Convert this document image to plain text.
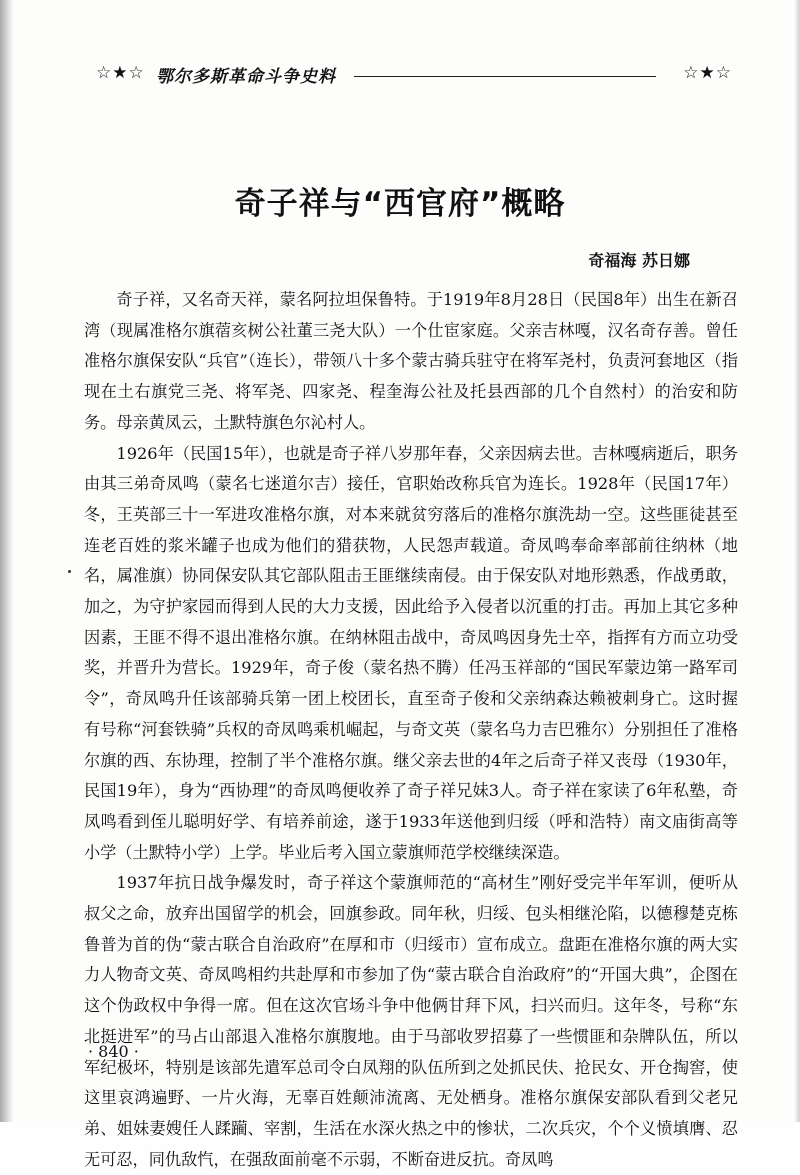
☆★☆ 鄂尔多斯革命斗争史料	☆★☆
奇子祥与“西官府”概略
奇福海 苏日娜

奇子祥，又名奇天祥，蒙名阿拉坦保鲁特。于1919年8月28日（民国8年）出生在新召湾（现属准格尔旗蓿亥树公社董三尧大队）一个仕宦家庭。父亲吉林嘎，汉名奇存善。曾任准格尔旗保安队“兵官”（连长），带领八十多个蒙古骑兵驻守在将军尧村，负责河套地区（指现在土右旗党三尧、将军尧、四家尧、程奎海公社及托县西部的几个自然村）的治安和防务。母亲黄凤云，土默特旗色尔沁村人。

1926年（民国15年），也就是奇子祥八岁那年春，父亲因病去世。吉林嘎病逝后，职务由其三弟奇凤鸣（蒙名七迷道尔吉）接任，官职始改称兵官为连长。1928年（民国17年）冬，王英部三十一军进攻准格尔旗，对本来就贫穷落后的准格尔旗洗劫一空。这些匪徒甚至连老百姓的浆米罐子也成为他们的猎获物，人民怨声载道。奇凤鸣奉命率部前往纳林（地名，属准旗）协同保安队其它部队阻击王匪继续南侵。由于保安队对地形熟悉，作战勇敢，加之，为守护家园而得到人民的大力支援，因此给予入侵者以沉重的打击。再加上其它多种因素，王匪不得不退出准格尔旗。在纳林阻击战中，奇凤鸣因身先士卒，指挥有方而立功受奖，并晋升为营长。1929年，奇子俊（蒙名热不腾）任冯玉祥部的“国民军蒙边第一路军司令”，奇凤鸣升任该部骑兵第一团上校团长，直至奇子俊和父亲纳森达赖被刺身亡。这时握有号称“河套铁骑”兵权的奇凤鸣乘机崛起，与奇文英（蒙名乌力吉巴雅尔）分别担任了准格尔旗的西、东协理，控制了半个准格尔旗。继父亲去世的4年之后奇子祥又丧母（1930年，民国19年），身为“西协理”的奇凤鸣便收养了奇子祥兄妹3人。奇子祥在家读了6年私塾，奇凤鸣看到侄儿聪明好学、有培养前途，遂于1933年送他到归绥（呼和浩特）南文庙街高等小学（土默特小学）上学。毕业后考入国立蒙旗师范学校继续深造。

1937年抗日战争爆发时，奇子祥这个蒙旗师范的“高材生”刚好受完半年军训，便听从叔父之命，放弃出国留学的机会，回旗参政。同年秋，归绥、包头相继沦陷，以德穆楚克栋鲁普为首的伪“蒙古联合自治政府”在厚和市（归绥市）宣布成立。盘距在准格尔旗的两大实力人物奇文英、奇凤鸣相约共赴厚和市参加了伪“蒙古联合自治政府”的“开国大典”，企图在这个伪政权中争得一席。但在这次官场斗争中他俩甘拜下风，扫兴而归。这年冬，号称“东北挺进军”的马占山部退入准格尔旗腹地。由于马部收罗招募了一些惯匪和杂牌队伍，所以军纪极坏，特别是该部先遣军总司令白凤翔的队伍所到之处抓民伕、抢民女、开仓掏窖，使这里哀鸿遍野、一片火海，无辜百姓颠沛流离、无处栖身。准格尔旗保安部队看到父老兄弟、姐妹妻嫂任人蹂躏、宰割，生活在水深火热之中的惨状，二次兵灾，个个义愤填膺、忍无可忍，同仇敌忾，在强敌面前毫不示弱，不断奋进反抗。奇凤鸣

· 840 ·
